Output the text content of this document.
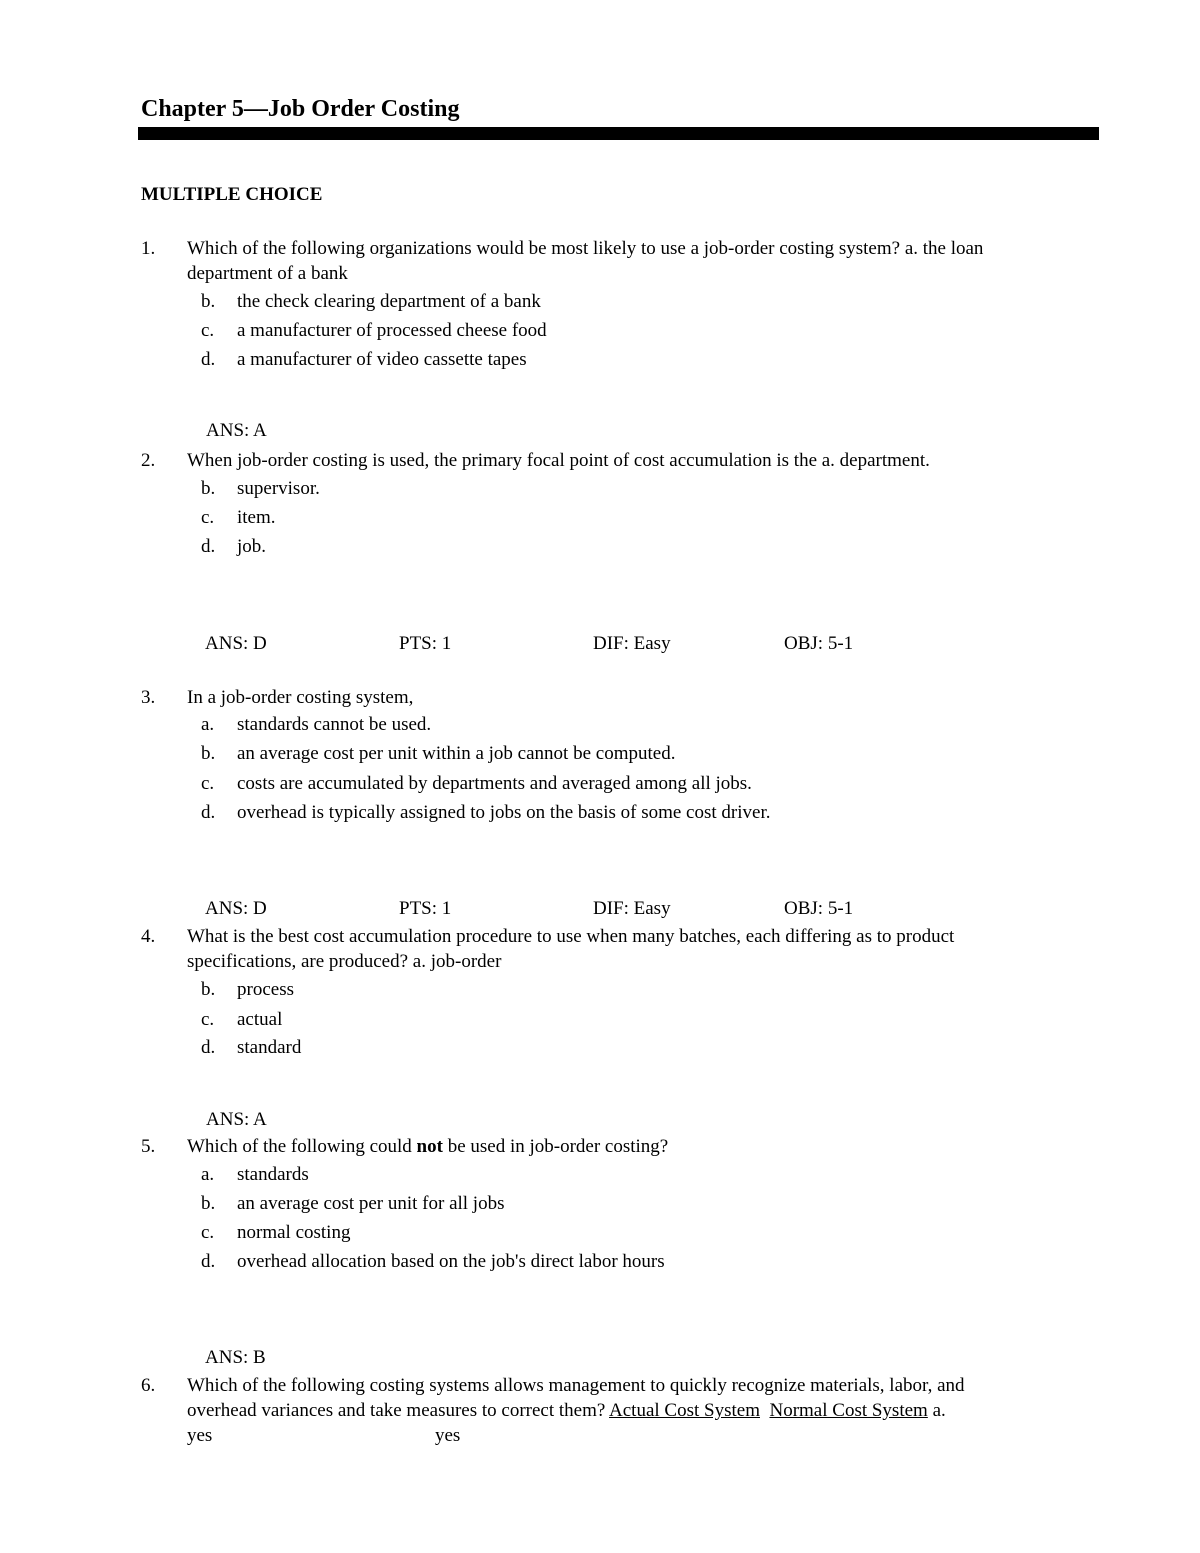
Chapter 5—Job Order Costing
MULTIPLE CHOICE
1. Which of the following organizations would be most likely to use a job-order costing system? a. the loan
department of a bank
b. the check clearing department of a bank
c. a manufacturer of processed cheese food
d. a manufacturer of video cassette tapes
ANS: A
2. When job-order costing is used, the primary focal point of cost accumulation is the a. department.
b. supervisor.
c. item.
d. job.
ANS: D	PTS: 1	DIF: Easy	OBJ: 5-1
3. In a job-order costing system,
a. standards cannot be used.
b. an average cost per unit within a job cannot be computed.
c. costs are accumulated by departments and averaged among all jobs.
d. overhead is typically assigned to jobs on the basis of some cost driver.
ANS: D	PTS: 1	DIF: Easy	OBJ: 5-1
4. What is the best cost accumulation procedure to use when many batches, each differing as to product
specifications, are produced? a. job-order
b. process
c. actual
d. standard
ANS: A
5. Which of the following could not be used in job-order costing?
a. standards
b. an average cost per unit for all jobs
c. normal costing
d. overhead allocation based on the job's direct labor hours
ANS: B
6. Which of the following costing systems allows management to quickly recognize materials, labor, and
overhead variances and take measures to correct them? Actual Cost System Normal Cost System a.
yes	yes
